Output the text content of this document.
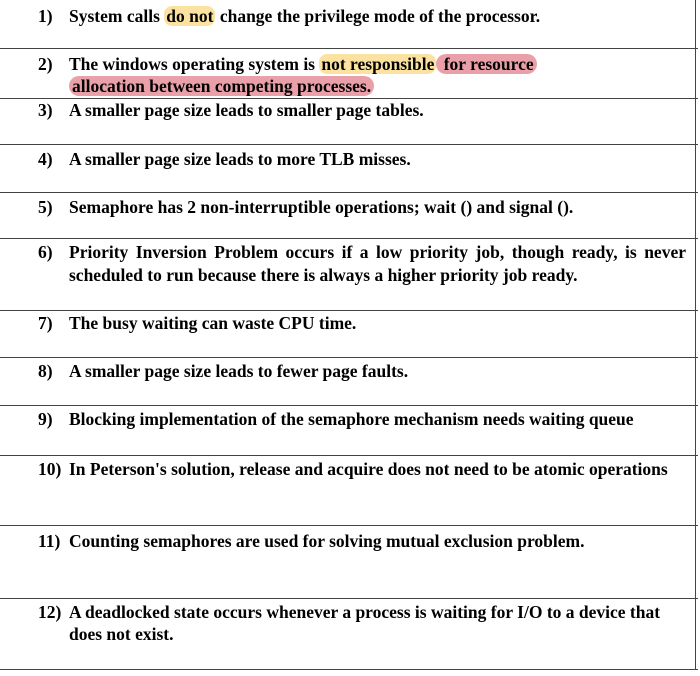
1) System calls do not change the privilege mode of the processor.
2) The windows operating system is not responsible for resource
allocation between competing processes.
3) A smaller page size leads to smaller page tables.
4) A smaller page size leads to more TLB misses.
5) Semaphore has 2 non-interruptible operations; wait () and signal ().
6) Priority Inversion Problem occurs if a low priority job, though ready, is never scheduled to run because there is always a higher priority job ready.
7) The busy waiting can waste CPU time.
8) A smaller page size leads to fewer page faults.
9) Blocking implementation of the semaphore mechanism needs waiting queue
10) In Peterson's solution, release and acquire does not need to be atomic operations
11) Counting semaphores are used for solving mutual exclusion problem.
12) A deadlocked state occurs whenever a process is waiting for I/O to a device that does not exist.
